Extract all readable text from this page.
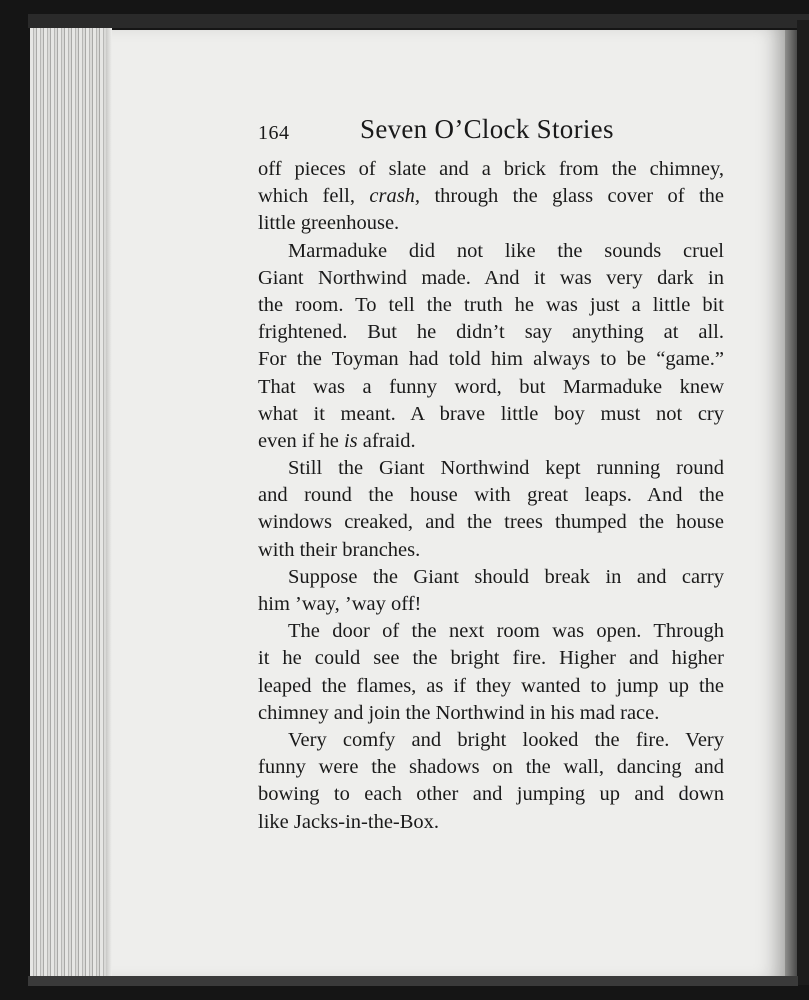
164	Seven O’Clock Stories
off pieces of slate and a brick from the chimney,
which fell, crash, through the glass cover of the
little greenhouse.
Marmaduke did not like the sounds cruel
Giant Northwind made. And it was very dark in
the room. To tell the truth he was just a little bit
frightened. But he didn’t say anything at all.
For the Toyman had told him always to be “game.”
That was a funny word, but Marmaduke knew
what it meant. A brave little boy must not cry
even if he is afraid.
Still the Giant Northwind kept running round
and round the house with great leaps. And the
windows creaked, and the trees thumped the house
with their branches.
Suppose the Giant should break in and carry
him ’way, ’way off!
The door of the next room was open. Through
it he could see the bright fire. Higher and higher
leaped the flames, as if they wanted to jump up the
chimney and join the Northwind in his mad race.
Very comfy and bright looked the fire. Very
funny were the shadows on the wall, dancing and
bowing to each other and jumping up and down
like Jacks-in-the-Box.
